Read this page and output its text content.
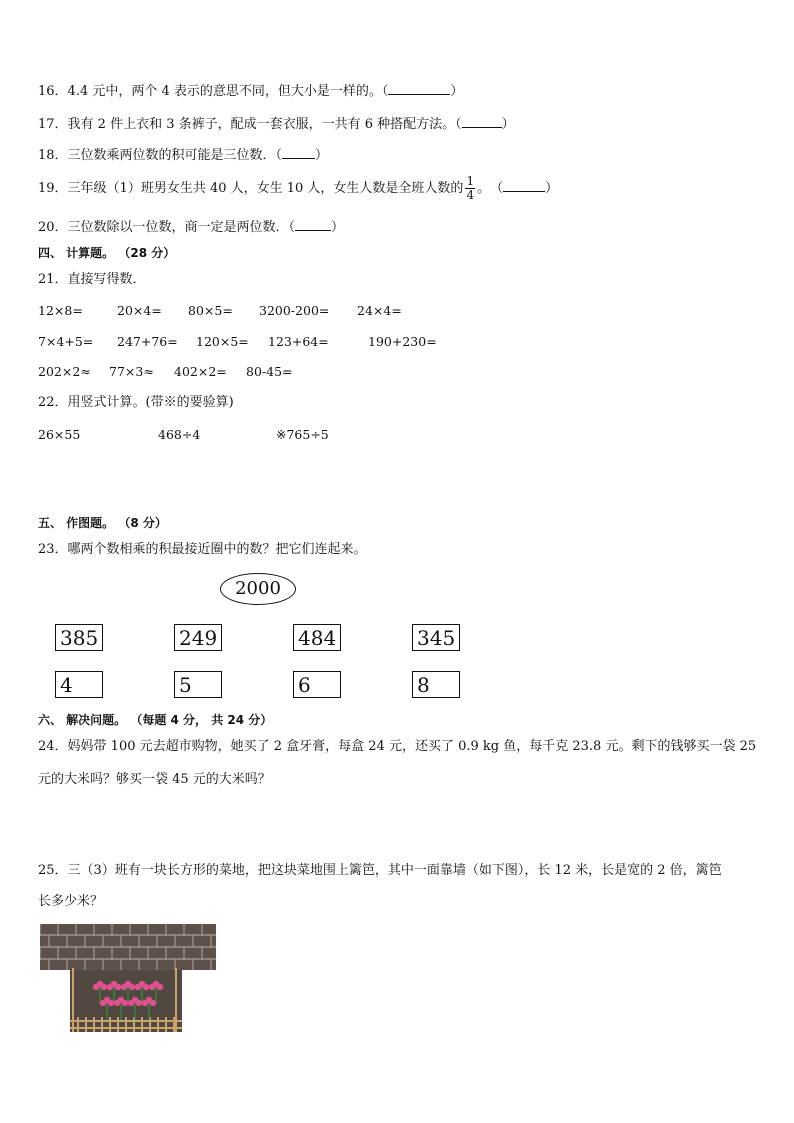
16．4.4 元中，两个 4 表示的意思不同，但大小是一样的。（	）
17．我有 2 件上衣和 3 条裤子，配成一套衣服，一共有 6 种搭配方法。（	）
18．三位数乘两位数的积可能是三位数．（	）
19．三年级（1）班男女生共 40 人，女生 10 人，女生人数是全班人数的 $\frac{1}{4}$ 。　（	）
20．三位数除以一位数，商一定是两位数．（	）
四、 计算题。 （28 分）
21．直接写得数．
12×8=	20×4= 80×5= 3200-200= 24×4=
7×4+5= 247+76= 120×5= 123+64=	190+230=
202×2≈ 77×3≈ 402×2= 80-45=
22．用竖式计算。(带※的要验算)
26×55	468÷4	※765÷5
五、 作图题。 （8 分）
23．哪两个数相乘的积最接近圈中的数？把它们连起来。
2000
385	249	484	345
4	5	6	8
六、 解决问题。 （每题 4 分， 共 24 分）
24．妈妈带 100 元去超市购物，她买了 2 盒牙膏，每盒 24 元，还买了 0.9 kg 鱼，每千克 23.8 元。剩下的钱够买一袋 25
元的大米吗？够买一袋 45 元的大米吗？
25．三（3）班有一块长方形的菜地，把这块菜地围上篱笆，其中一面靠墙（如下图），长 12 米，长是宽的 2 倍，篱笆
长多少米？
